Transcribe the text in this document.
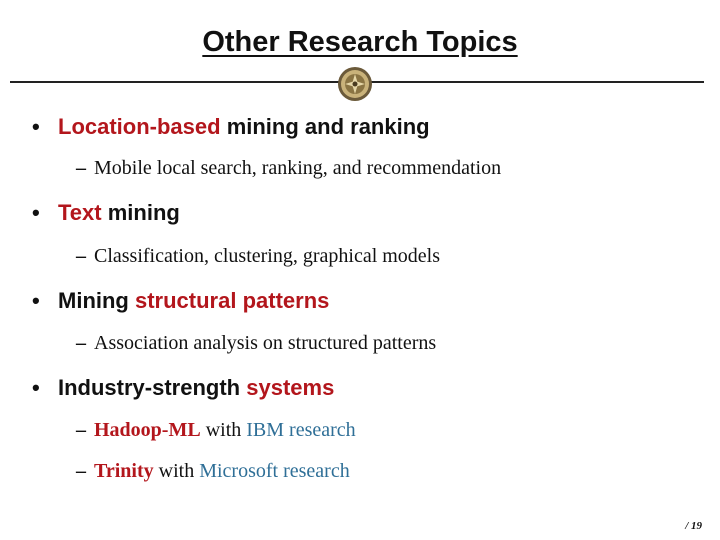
Other Research Topics
• Location-based mining and ranking
– Mobile local search, ranking, and recommendation
• Text mining
– Classification, clustering, graphical models
• Mining structural patterns
– Association analysis on structured patterns
• Industry-strength systems
– Hadoop-ML with IBM research
– Trinity with Microsoft research
/ 19
